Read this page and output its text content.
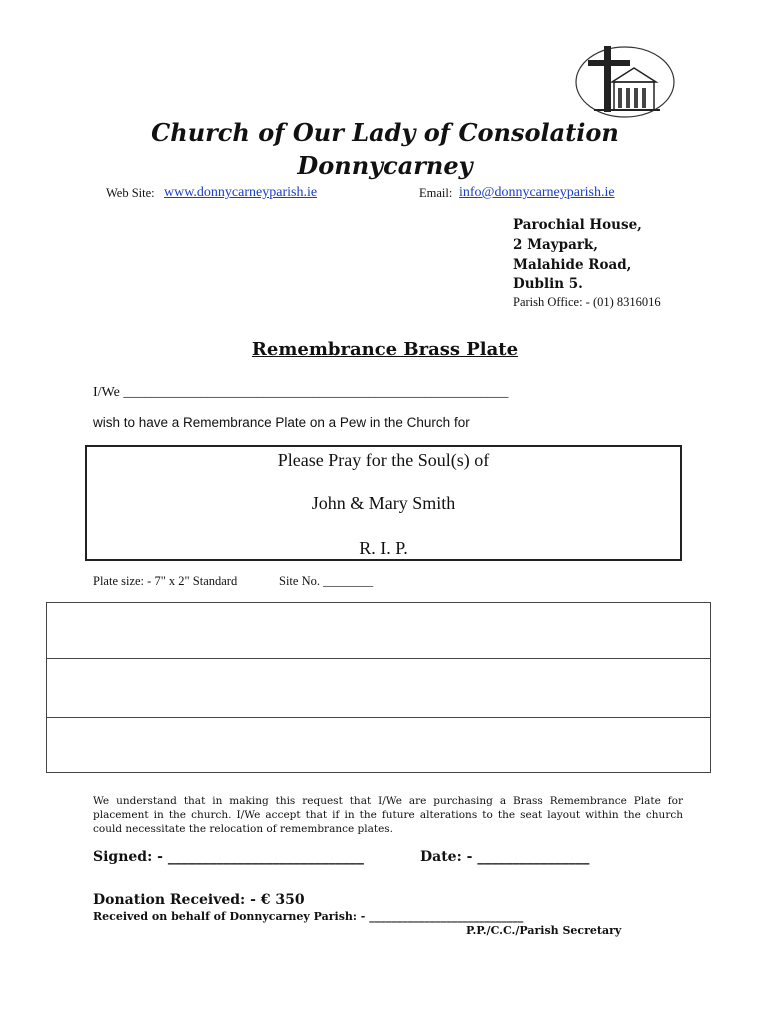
Church of Our Lady of Consolation
Donnycarney
Web Site: www.donnycarneyparish.ie	Email: info@donnycarneyparish.ie
Parochial House,
2 Maypark,
Malahide Road,
Dublin 5.
Parish Office: - (01) 8316016
Remembrance Brass Plate
I/We _______________________________________________________
wish to have a Remembrance Plate on a Pew in the Church for
Please Pray for the Soul(s) of
John & Mary Smith
R. I. P.
Plate size: - 7" x 2" Standard	Site No. ________
We understand that in making this request that I/We are purchasing a Brass Remembrance Plate for placement in the church. I/We accept that if in the future alterations to the seat layout within the church could necessitate the relocation of remembrance plates.
Signed: - ____________________________	Date: - ________________
Donation Received: - € 350
Received on behalf of Donnycarney Parish: - ____________________________
P.P./C.C./Parish Secretary
